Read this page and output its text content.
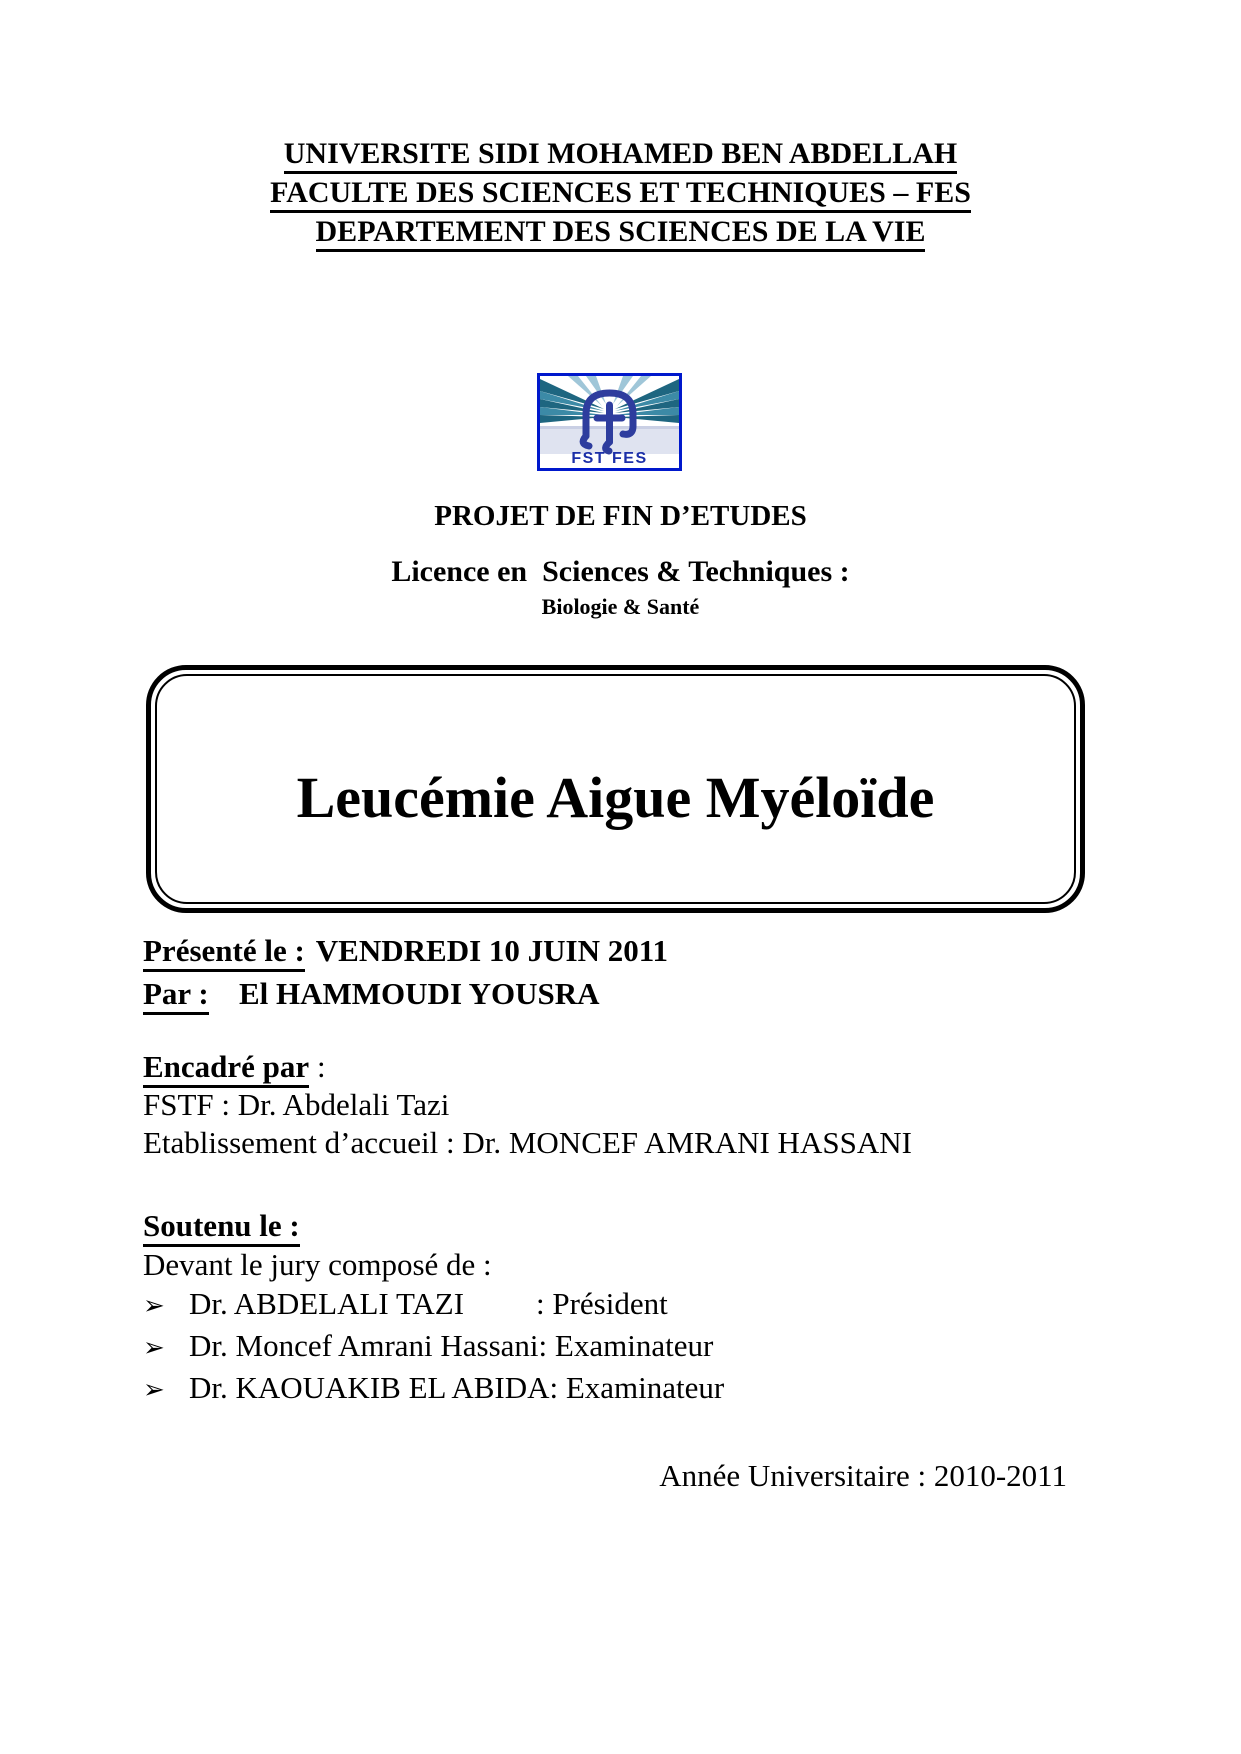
UNIVERSITE SIDI MOHAMED BEN ABDELLAH
FACULTE DES SCIENCES ET TECHNIQUES – FES
DEPARTEMENT DES SCIENCES DE LA VIE
FST FES
PROJET DE FIN D’ETUDES
Licence en  Sciences & Techniques :
Biologie & Santé
Leucémie Aigue Myéloïde
Présenté le : VENDREDI 10 JUIN 2011
Par : El HAMMOUDI YOUSRA
Encadré par :
FSTF : Dr. Abdelali Tazi
Etablissement d’accueil : Dr. MONCEF AMRANI HASSANI
Soutenu le :
Devant le jury composé de :
➢ Dr. ABDELALI TAZI : Président
➢ Dr. Moncef Amrani Hassani: Examinateur
➢ Dr. KAOUAKIB EL ABIDA: Examinateur
Année Universitaire : 2010-2011
